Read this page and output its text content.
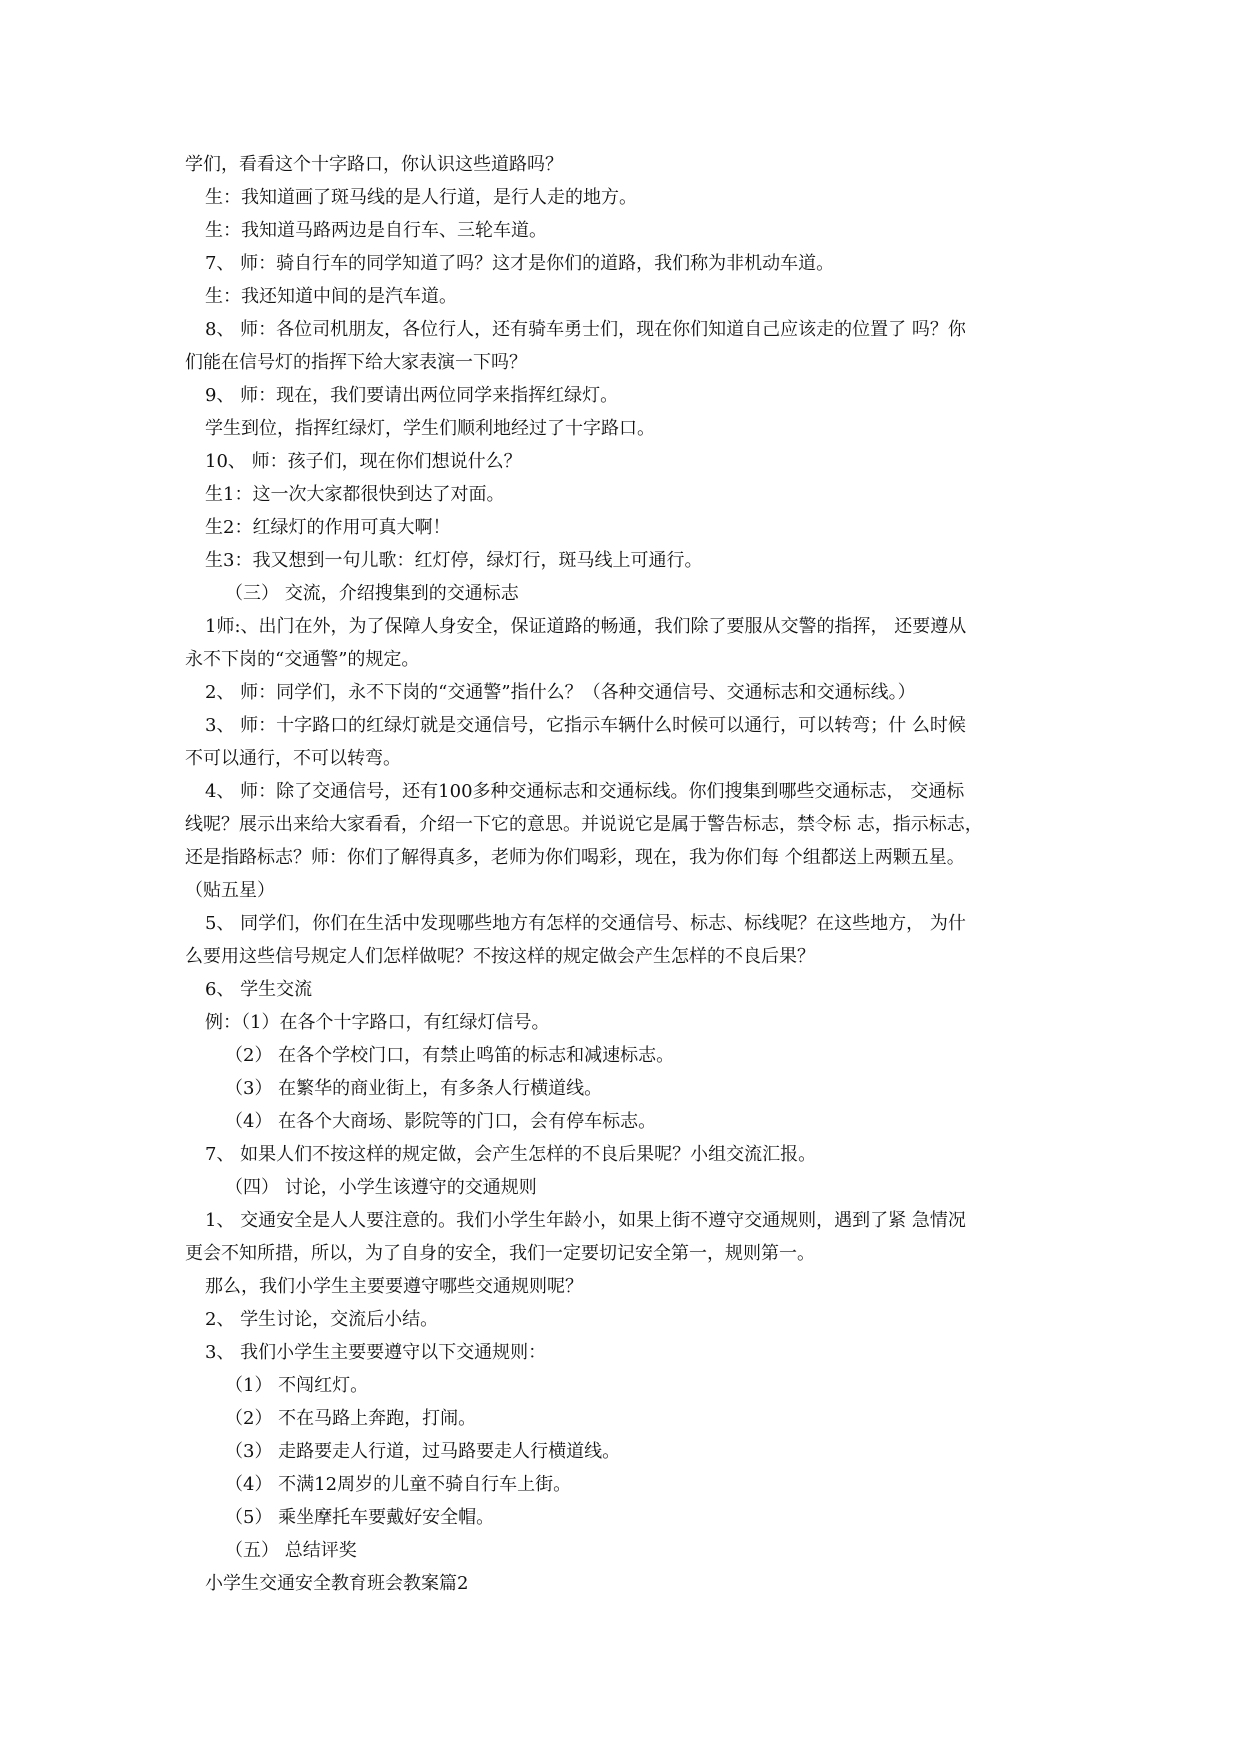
学们，看看这个十字路口，你认识这些道路吗？
生：我知道画了斑马线的是人行道，是行人走的地方。
生：我知道马路两边是自行车、三轮车道。
7、 师：骑自行车的同学知道了吗？这才是你们的道路，我们称为非机动车道。
生：我还知道中间的是汽车道。
8、 师：各位司机朋友，各位行人，还有骑车勇士们，现在你们知道自己应该走的位置了 吗？你
们能在信号灯的指挥下给大家表演一下吗？
9、 师：现在，我们要请出两位同学来指挥红绿灯。
学生到位，指挥红绿灯，学生们顺利地经过了十字路口。
10、 师：孩子们，现在你们想说什么？
生1：这一次大家都很快到达了对面。
生2：红绿灯的作用可真大啊！
生3：我又想到一句儿歌：红灯停，绿灯行，斑马线上可通行。
（三） 交流，介绍搜集到的交通标志
1师:、出门在外，为了保障人身安全，保证道路的畅通，我们除了要服从交警的指挥， 还要遵从
永不下岗的“交通警”的规定。
2、 师：同学们，永不下岗的“交通警”指什么？（各种交通信号、交通标志和交通标线。）
3、 师：十字路口的红绿灯就是交通信号，它指示车辆什么时候可以通行，可以转弯；什 么时候
不可以通行，不可以转弯。
4、 师：除了交通信号，还有100多种交通标志和交通标线。你们搜集到哪些交通标志， 交通标
线呢？展示出来给大家看看，介绍一下它的意思。并说说它是属于警告标志，禁令标 志，指示标志，
还是指路标志？师：你们了解得真多，老师为你们喝彩，现在，我为你们每 个组都送上两颗五星。
（贴五星）
5、 同学们，你们在生活中发现哪些地方有怎样的交通信号、标志、标线呢？在这些地方， 为什
么要用这些信号规定人们怎样做呢？不按这样的规定做会产生怎样的不良后果？
6、 学生交流
例：（1）在各个十字路口，有红绿灯信号。
（2） 在各个学校门口，有禁止鸣笛的标志和减速标志。
（3） 在繁华的商业街上，有多条人行横道线。
（4） 在各个大商场、影院等的门口，会有停车标志。
7、 如果人们不按这样的规定做，会产生怎样的不良后果呢？小组交流汇报。
（四） 讨论，小学生该遵守的交通规则
1、 交通安全是人人要注意的。我们小学生年龄小，如果上街不遵守交通规则，遇到了紧 急情况
更会不知所措，所以，为了自身的安全，我们一定要切记安全第一，规则第一。
那么，我们小学生主要要遵守哪些交通规则呢？
2、 学生讨论，交流后小结。
3、 我们小学生主要要遵守以下交通规则：
（1） 不闯红灯。
（2） 不在马路上奔跑，打闹。
（3） 走路要走人行道，过马路要走人行横道线。
（4） 不满12周岁的儿童不骑自行车上街。
（5） 乘坐摩托车要戴好安全帽。
（五） 总结评奖
小学生交通安全教育班会教案篇2
